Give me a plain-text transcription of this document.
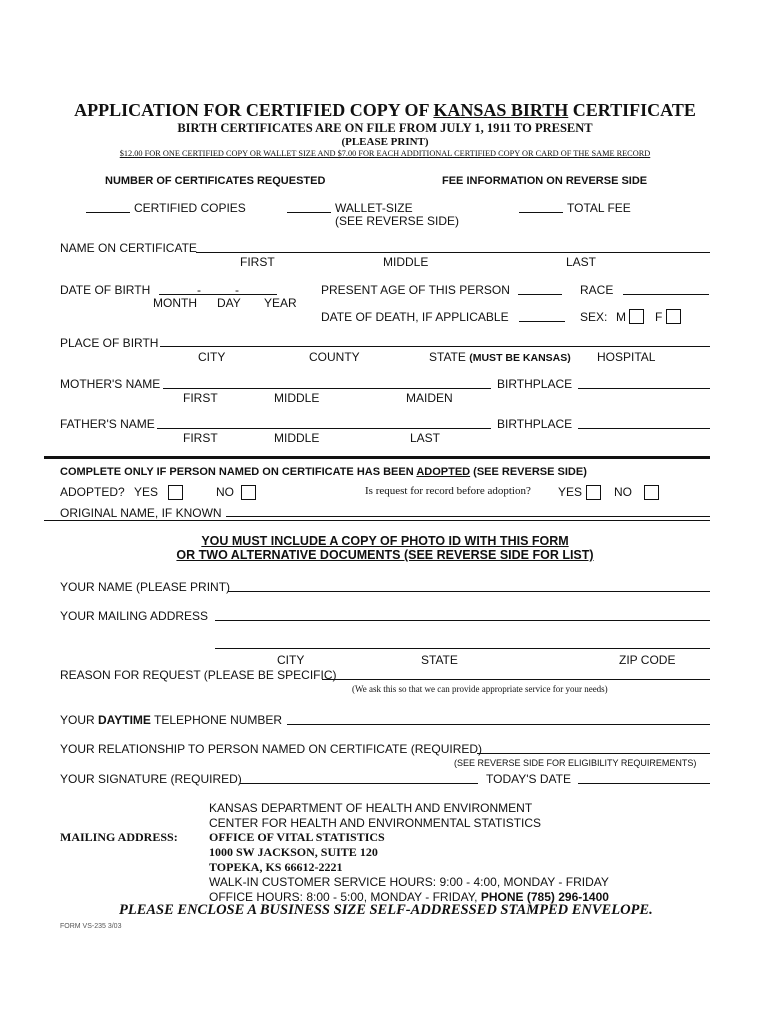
APPLICATION FOR CERTIFIED COPY OF KANSAS BIRTH CERTIFICATE
BIRTH CERTIFICATES ARE ON FILE FROM JULY 1, 1911 TO PRESENT
(PLEASE PRINT)
$12.00 FOR ONE CERTIFIED COPY OR WALLET SIZE AND $7.00 FOR EACH ADDITIONAL CERTIFIED COPY OR CARD OF THE SAME RECORD
NUMBER OF CERTIFICATES REQUESTED	FEE INFORMATION ON REVERSE SIDE
CERTIFIED COPIES	WALLET-SIZE
(SEE REVERSE SIDE)
TOTAL FEE
NAME ON CERTIFICATE
FIRST	MIDDLE	LAST
DATE OF BIRTH	-	-
MONTH DAY YEAR
PRESENT AGE OF THIS PERSON	RACE
DATE OF DEATH, IF APPLICABLE	SEX: M F
PLACE OF BIRTH
CITY	COUNTY	STATE (MUST BE KANSAS) HOSPITAL
MOTHER'S NAME	BIRTHPLACE
FIRST	MIDDLE	MAIDEN
FATHER'S NAME	BIRTHPLACE
FIRST	MIDDLE	LAST
COMPLETE ONLY IF PERSON NAMED ON CERTIFICATE HAS BEEN ADOPTED (SEE REVERSE SIDE)
ADOPTED? YES	NO	Is request for record before adoption? YES	NO
ORIGINAL NAME, IF KNOWN
YOU MUST INCLUDE A COPY OF PHOTO ID WITH THIS FORM
OR TWO ALTERNATIVE DOCUMENTS (SEE REVERSE SIDE FOR LIST)
YOUR NAME (PLEASE PRINT)
YOUR MAILING ADDRESS
CITY	STATE	ZIP CODE
REASON FOR REQUEST (PLEASE BE SPECIFIC)
(We ask this so that we can provide appropriate service for your needs)
YOUR DAYTIME TELEPHONE NUMBER
YOUR RELATIONSHIP TO PERSON NAMED ON CERTIFICATE (REQUIRED)
(SEE REVERSE SIDE FOR ELIGIBILITY REQUIREMENTS)
YOUR SIGNATURE (REQUIRED)	TODAY'S DATE
KANSAS DEPARTMENT OF HEALTH AND ENVIRONMENT
CENTER FOR HEALTH AND ENVIRONMENTAL STATISTICS
MAILING ADDRESS:	OFFICE OF VITAL STATISTICS
1000 SW JACKSON, SUITE 120
TOPEKA, KS 66612-2221
WALK-IN CUSTOMER SERVICE HOURS: 9:00 - 4:00, MONDAY - FRIDAY
OFFICE HOURS: 8:00 - 5:00, MONDAY - FRIDAY, PHONE (785) 296-1400
PLEASE ENCLOSE A BUSINESS SIZE SELF-ADDRESSED STAMPED ENVELOPE.
FORM VS-235 3/03
